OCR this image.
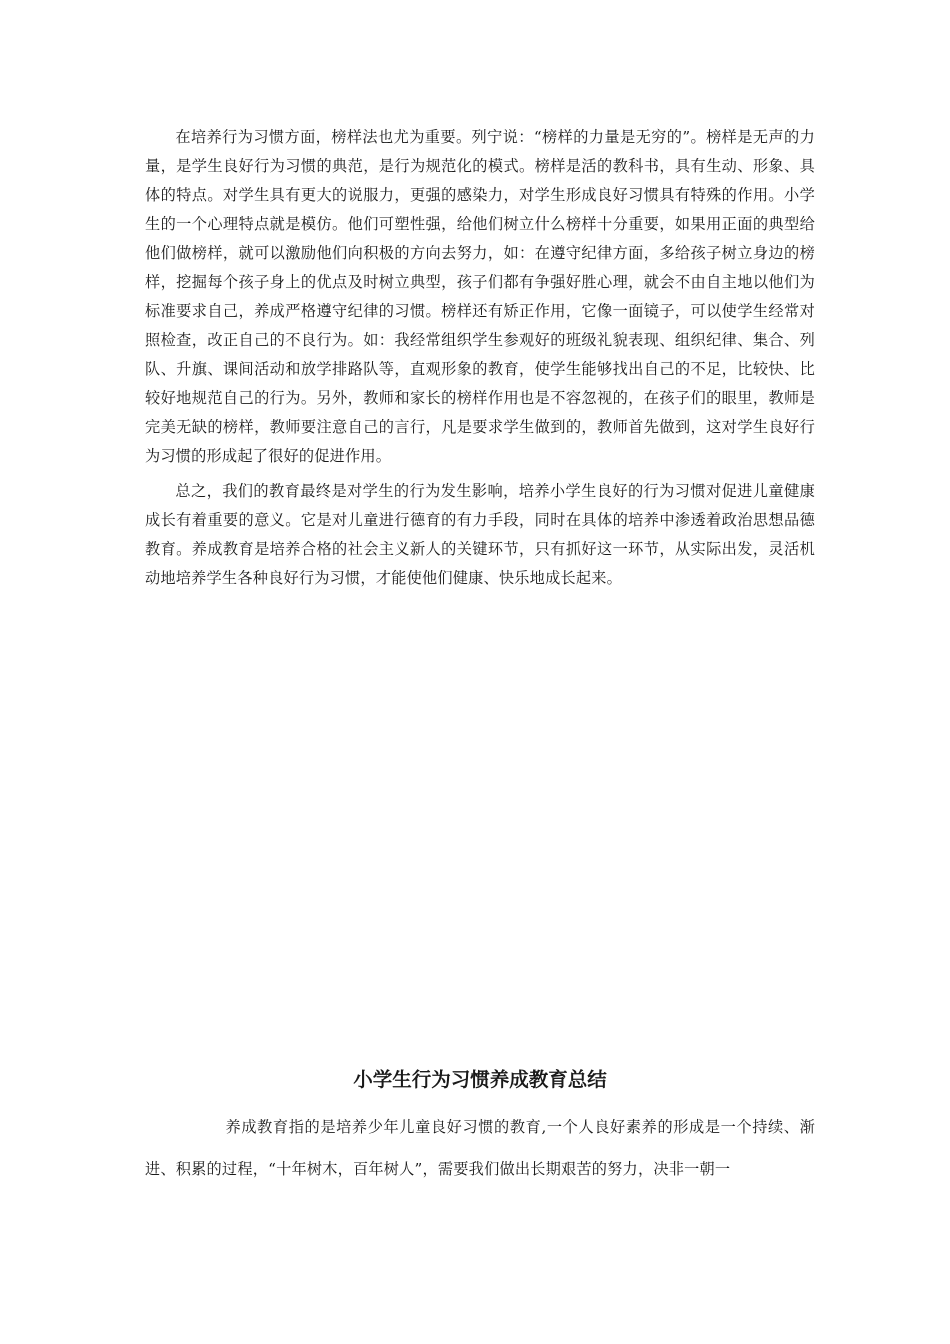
在培养行为习惯方面，榜样法也尤为重要。列宁说：“榜样的力量是无穷的”。榜样是无声的力量，是学生良好行为习惯的典范，是行为规范化的模式。榜样是活的教科书，具有生动、形象、具体的特点。对学生具有更大的说服力，更强的感染力，对学生形成良好习惯具有特殊的作用。小学生的一个心理特点就是模仿。他们可塑性强，给他们树立什么榜样十分重要，如果用正面的典型给他们做榜样，就可以激励他们向积极的方向去努力，如：在遵守纪律方面，多给孩子树立身边的榜样，挖掘每个孩子身上的优点及时树立典型，孩子们都有争强好胜心理，就会不由自主地以他们为标准要求自己，养成严格遵守纪律的习惯。榜样还有矫正作用，它像一面镜子，可以使学生经常对照检查，改正自己的不良行为。如：我经常组织学生参观好的班级礼貌表现、组织纪律、集合、列队、升旗、课间活动和放学排路队等，直观形象的教育，使学生能够找出自己的不足，比较快、比较好地规范自己的行为。另外，教师和家长的榜样作用也是不容忽视的，在孩子们的眼里，教师是完美无缺的榜样，教师要注意自己的言行，凡是要求学生做到的，教师首先做到，这对学生良好行为习惯的形成起了很好的促进作用。

总之，我们的教育最终是对学生的行为发生影响，培养小学生良好的行为习惯对促进儿童健康成长有着重要的意义。它是对儿童进行德育的有力手段，同时在具体的培养中渗透着政治思想品德教育。养成教育是培养合格的社会主义新人的关键环节，只有抓好这一环节，从实际出发，灵活机动地培养学生各种良好行为习惯，才能使他们健康、快乐地成长起来。

小学生行为习惯养成教育总结

养成教育指的是培养少年儿童良好习惯的教育,一个人良好素养的形成是一个持续、渐进、积累的过程，“十年树木，百年树人”，需要我们做出长期艰苦的努力，决非一朝一
